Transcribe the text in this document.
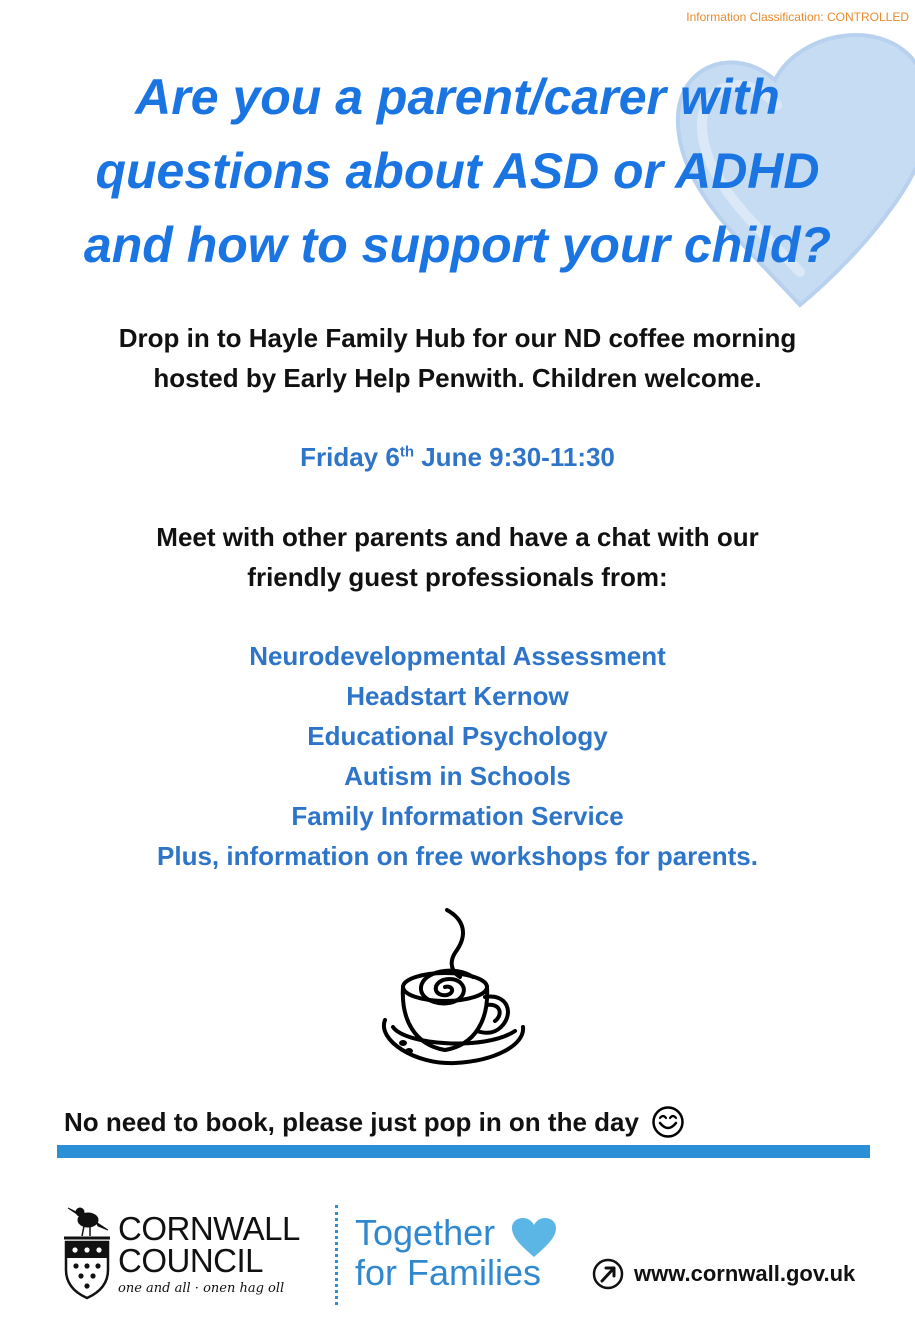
Information Classification: CONTROLLED
Are you a parent/carer with
questions about ASD or ADHD
and how to support your child?
Drop in to Hayle Family Hub for our ND coffee morning
hosted by Early Help Penwith. Children welcome.
Friday 6th June 9:30-11:30
Meet with other parents and have a chat with our
friendly guest professionals from:
Neurodevelopmental Assessment
Headstart Kernow
Educational Psychology
Autism in Schools
Family Information Service
Plus, information on free workshops for parents.
No need to book, please just pop in on the day
CORNWALL
COUNCIL
one and all · onen hag oll
Together
for Families	www.cornwall.gov.uk
